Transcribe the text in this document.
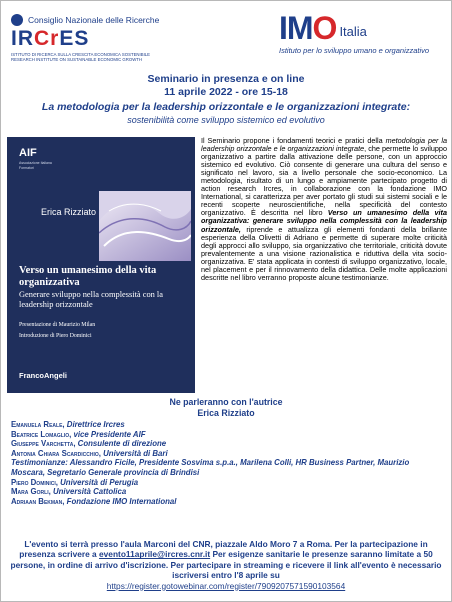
Consiglio Nazionale delle Ricerche
IR C r ES
ISTITUTO DI RICERCA SULLA CRESCITA ECONOMICA SOSTENIBILE
RESEARCH INSTITUTE ON SUSTAINABLE ECONOMIC GROWTH
IMO Italia
Istituto per lo sviluppo umano e organizzativo
Seminario in presenza e on line
11 aprile 2022 - ore 15-18
La metodologia per la leadership orizzontale e le organizzazioni integrate:
sostenibilità come sviluppo sistemico ed evolutivo
AIF
Associazione Italiana Formatori
Erica Rizziato
Verso un umanesimo della vita organizzativa
Generare sviluppo nella complessità con la leadership orizzontale
Presentazione di Maurizio Milan
Introduzione di Piero Dominici
FrancoAngeli
Il Seminario propone i fondamenti teorici e pratici della metodologia per la leadership orizzontale e le organizzazioni integrate, che permette lo sviluppo organizzativo a partire dalla attivazione delle persone, con un approccio sistemico ed evolutivo. Ciò consente di generare una cultura del senso e significato nel lavoro, sia a livello personale che socio-economico. La metodologia, risultato di un lungo e ampiamente partecipato progetto di action research Ircres, in collaborazione con la fondazione IMO International, si caratterizza per aver portato gli studi sui sistemi sociali e le recenti scoperte neuroscientifiche, nella specificità del contesto organizzativo. È descritta nel libro Verso un umanesimo della vita organizzativa: generare sviluppo nella complessità con la leadership orizzontale, riprende e attualizza gli elementi fondanti della brillante esperienza della Olivetti di Adriano e permette di superare molte criticità degli approcci allo sviluppo, sia organizzativo che territoriale, criticità dovute prevalentemente a una visione razionalistica e riduttiva della vita socio-organizzativa. E' stata applicata in contesti di sviluppo organizzativo, locale, nel placement e per il rinnovamento della didattica. Delle molte applicazioni descritte nel libro verranno proposte alcune testimonianze.
Ne parleranno con l'autrice
Erica Rizziato
Emanuela Reale, Direttrice Ircres
Beatrice Lomaglio, vice Presidente AIF
Giuseppe Varchetta, Consulente di direzione
Antonia Chiara Scardicchio, Università di Bari
Testimonianze: Alessandro Ficile, Presidente Sosvima s.p.a., Marilena Colli, HR Business Partner, Maurizio Moscara, Segretario Generale provincia di Brindisi
Piero Dominici, Università di Perugia
Mara Gorli, Università Cattolica
Adriaan Bekman, Fondazione IMO International
L'evento si terrà presso l'aula Marconi del CNR, piazzale Aldo Moro 7 a Roma. Per la partecipazione in presenza scrivere a evento11aprile@ircres.cnr.it Per esigenze sanitarie le presenze saranno limitate a 50 persone, in ordine di arrivo d'iscrizione. Per partecipare in streaming e ricevere il link all'evento è necessario iscriversi entro l'8 aprile su
https://register.gotowebinar.com/register/7909207571590103564
